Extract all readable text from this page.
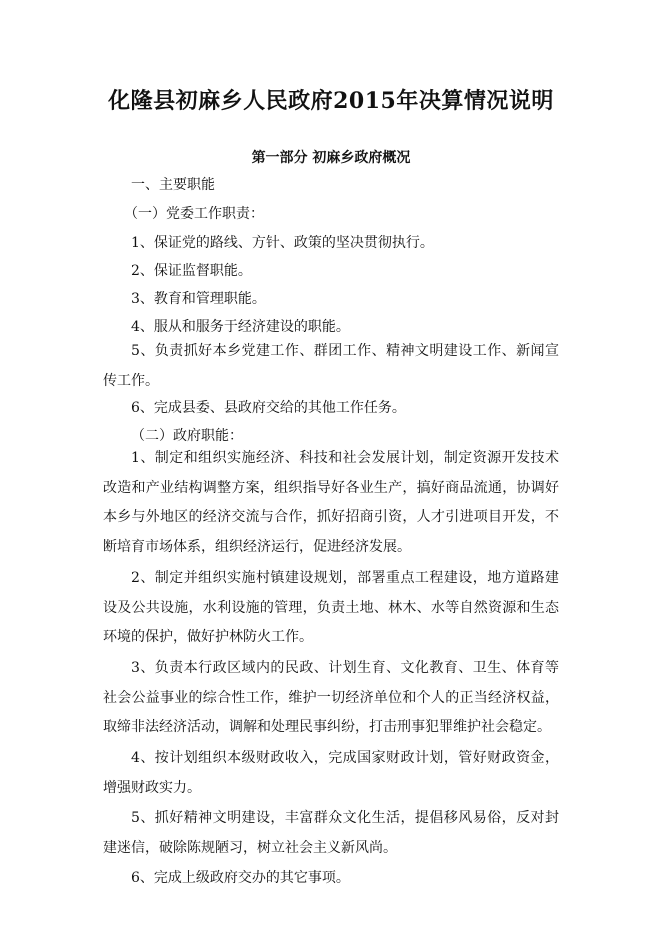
化隆县初麻乡人民政府2015年决算情况说明
第一部分 初麻乡政府概况
一、主要职能
（一）党委工作职责：
1、保证党的路线、方针、政策的坚决贯彻执行。
2、保证监督职能。
3、教育和管理职能。
4、服从和服务于经济建设的职能。
5、负责抓好本乡党建工作、群团工作、精神文明建设工作、新闻宣传工作。
6、完成县委、县政府交给的其他工作任务。
（二）政府职能：
1、制定和组织实施经济、科技和社会发展计划，制定资源开发技术改造和产业结构调整方案，组织指导好各业生产，搞好商品流通，协调好本乡与外地区的经济交流与合作，抓好招商引资，人才引进项目开发，不断培育市场体系，组织经济运行，促进经济发展。
2、制定并组织实施村镇建设规划，部署重点工程建设，地方道路建设及公共设施，水利设施的管理，负责土地、林木、水等自然资源和生态环境的保护，做好护林防火工作。
3、负责本行政区域内的民政、计划生育、文化教育、卫生、体育等社会公益事业的综合性工作，维护一切经济单位和个人的正当经济权益，取缔非法经济活动，调解和处理民事纠纷，打击刑事犯罪维护社会稳定。
4、按计划组织本级财政收入，完成国家财政计划，管好财政资金，增强财政实力。
5、抓好精神文明建设，丰富群众文化生活，提倡移风易俗，反对封建迷信，破除陈规陋习，树立社会主义新风尚。
6、完成上级政府交办的其它事项。
